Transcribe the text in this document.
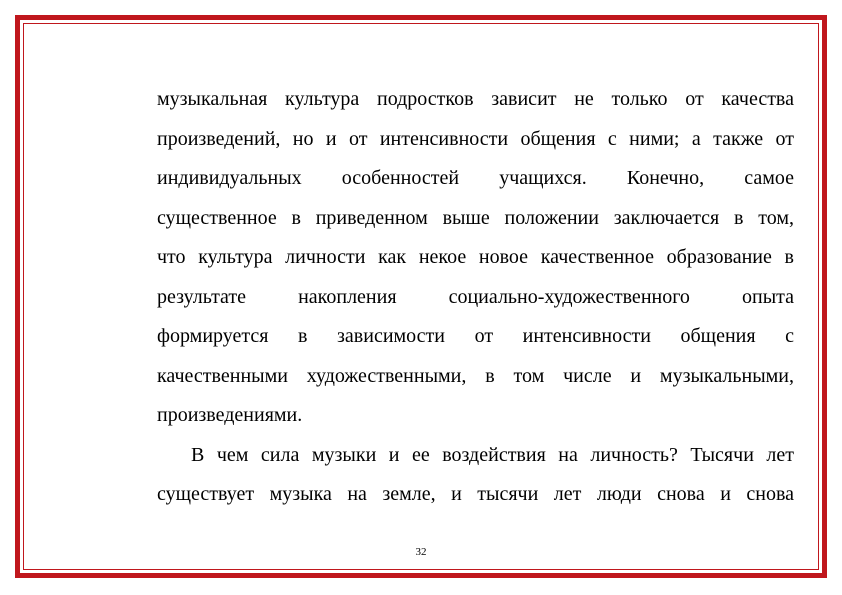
музыкальная культура подростков зависит не только от качества
произведений, но и от интенсивности общения с ними; а также от
индивидуальных особенностей учащихся. Конечно, самое
существенное в приведенном выше положении заключается в том,
что культура личности как некое новое качественное образование в
результате накопления социально-художественного опыта
формируется в зависимости от интенсивности общения с
качественными художественными, в том числе и музыкальными,
произведениями.
В чем сила музыки и ее воздействия на личность? Тысячи лет
существует музыка на земле, и тысячи лет люди снова и снова
32
